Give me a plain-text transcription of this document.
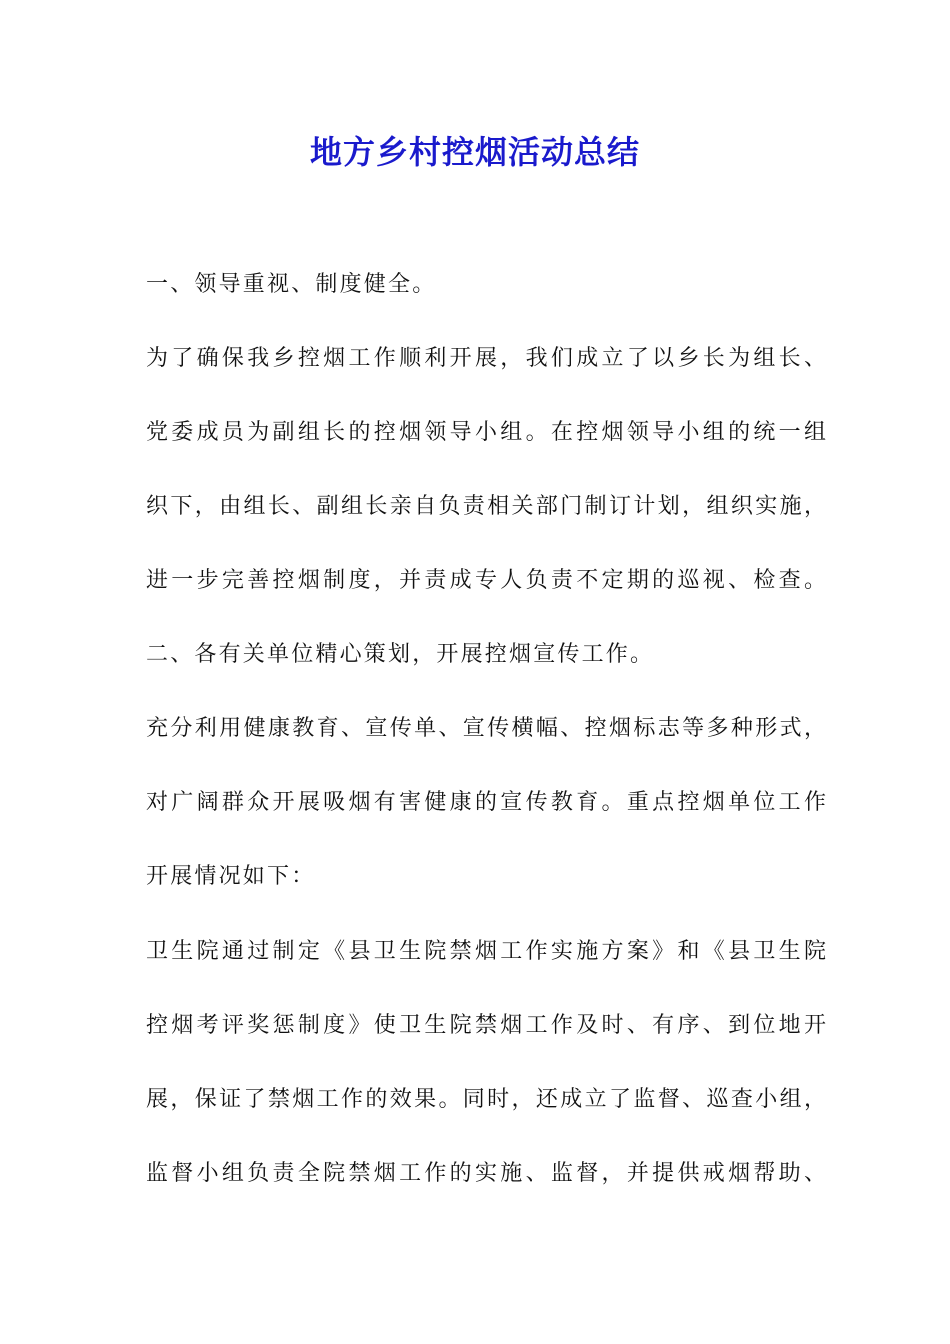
地方乡村控烟活动总结
一、领导重视、制度健全。
为了确保我乡控烟工作顺利开展，我们成立了以乡长为组长、
党委成员为副组长的控烟领导小组。在控烟领导小组的统一组
织下，由组长、副组长亲自负责相关部门制订计划，组织实施，
进一步完善控烟制度，并责成专人负责不定期的巡视、检查。
二、各有关单位精心策划，开展控烟宣传工作。
充分利用健康教育、宣传单、宣传横幅、控烟标志等多种形式，
对广阔群众开展吸烟有害健康的宣传教育。重点控烟单位工作
开展情况如下：
卫生院通过制定《县卫生院禁烟工作实施方案》和《县卫生院
控烟考评奖惩制度》使卫生院禁烟工作及时、有序、到位地开
展，保证了禁烟工作的效果。同时，还成立了监督、巡查小组，
监督小组负责全院禁烟工作的实施、监督，并提供戒烟帮助、
